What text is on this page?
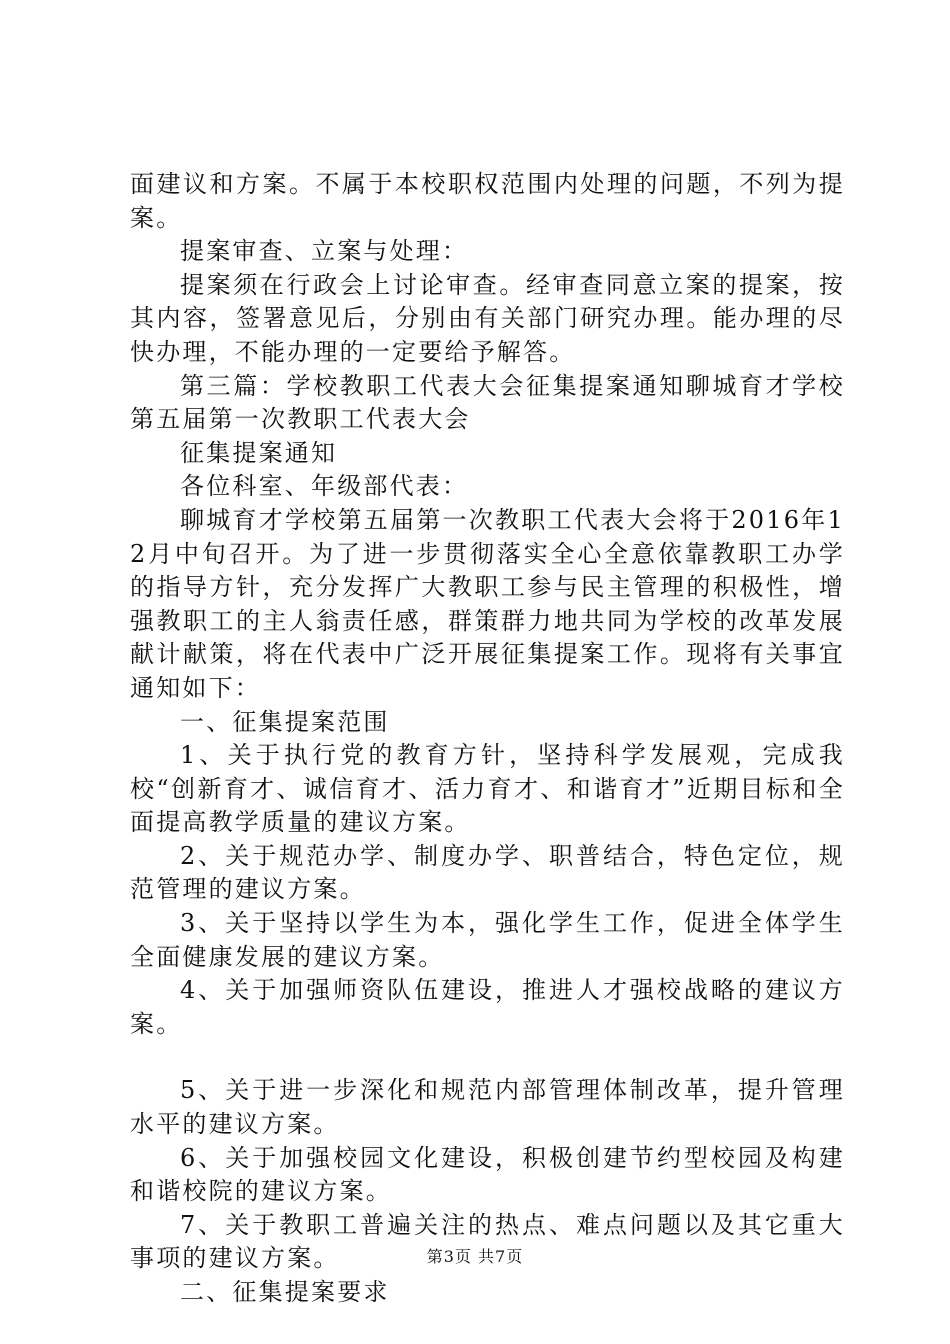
面建议和方案。不属于本校职权范围内处理的问题，不列为提案。

提案审查、立案与处理：

提案须在行政会上讨论审查。经审查同意立案的提案，按其内容，签署意见后，分别由有关部门研究办理。能办理的尽快办理，不能办理的一定要给予解答。

第三篇：学校教职工代表大会征集提案通知聊城育才学校第五届第一次教职工代表大会

征集提案通知

各位科室、年级部代表：

聊城育才学校第五届第一次教职工代表大会将于2016年12月中旬召开。为了进一步贯彻落实全心全意依靠教职工办学的指导方针，充分发挥广大教职工参与民主管理的积极性，增强教职工的主人翁责任感，群策群力地共同为学校的改革发展献计献策，将在代表中广泛开展征集提案工作。现将有关事宜通知如下：

一、征集提案范围

1、关于执行党的教育方针，坚持科学发展观，完成我校“创新育才、诚信育才、活力育才、和谐育才”近期目标和全面提高教学质量的建议方案。

2、关于规范办学、制度办学、职普结合，特色定位，规范管理的建议方案。

3、关于坚持以学生为本，强化学生工作，促进全体学生全面健康发展的建议方案。

4、关于加强师资队伍建设，推进人才强校战略的建议方案。

5、关于进一步深化和规范内部管理体制改革，提升管理水平的建议方案。

6、关于加强校园文化建设，积极创建节约型校园及构建和谐校院的建议方案。

7、关于教职工普遍关注的热点、难点问题以及其它重大事项的建议方案。

二、征集提案要求

第3页 共7页
